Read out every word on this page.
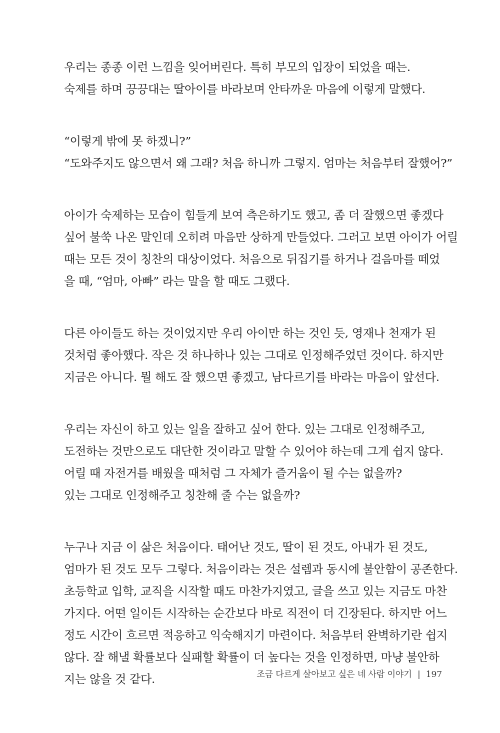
우리는 종종 이런 느낌을 잊어버린다. 특히 부모의 입장이 되었을 때는.
숙제를 하며 끙끙대는 딸아이를 바라보며 안타까운 마음에 이렇게 말했다.
“이렇게 밖에 못 하겠니?”
“도와주지도 않으면서 왜 그래? 처음 하니까 그렇지. 엄마는 처음부터 잘했어?”
아이가 숙제하는 모습이 힘들게 보여 측은하기도 했고, 좀 더 잘했으면 좋겠다
싶어 불쑥 나온 말인데 오히려 마음만 상하게 만들었다. 그러고 보면 아이가 어릴
때는 모든 것이 칭찬의 대상이었다. 처음으로 뒤집기를 하거나 걸음마를 떼었
을 때, “엄마, 아빠” 라는 말을 할 때도 그랬다.
다른 아이들도 하는 것이었지만 우리 아이만 하는 것인 듯, 영재나 천재가 된
것처럼 좋아했다. 작은 것 하나하나 있는 그대로 인정해주었던 것이다. 하지만
지금은 아니다. 뭘 해도 잘 했으면 좋겠고, 남다르기를 바라는 마음이 앞선다.
우리는 자신이 하고 있는 일을 잘하고 싶어 한다. 있는 그대로 인정해주고,
도전하는 것만으로도 대단한 것이라고 말할 수 있어야 하는데 그게 쉽지 않다.
어릴 때 자전거를 배웠을 때처럼 그 자체가 즐거움이 될 수는 없을까?
있는 그대로 인정해주고 칭찬해 줄 수는 없을까?
누구나 지금 이 삶은 처음이다. 태어난 것도, 딸이 된 것도, 아내가 된 것도,
엄마가 된 것도 모두 그렇다. 처음이라는 것은 설렘과 동시에 불안함이 공존한다.
초등학교 입학, 교직을 시작할 때도 마찬가지였고, 글을 쓰고 있는 지금도 마찬
가지다. 어떤 일이든 시작하는 순간보다 바로 직전이 더 긴장된다. 하지만 어느
정도 시간이 흐르면 적응하고 익숙해지기 마련이다. 처음부터 완벽하기란 쉽지
않다. 잘 해낼 확률보다 실패할 확률이 더 높다는 것을 인정하면, 마냥 불안하
지는 않을 것 같다.	조금 다르게 살아보고 싶은 네 사람 이야기 | 197
